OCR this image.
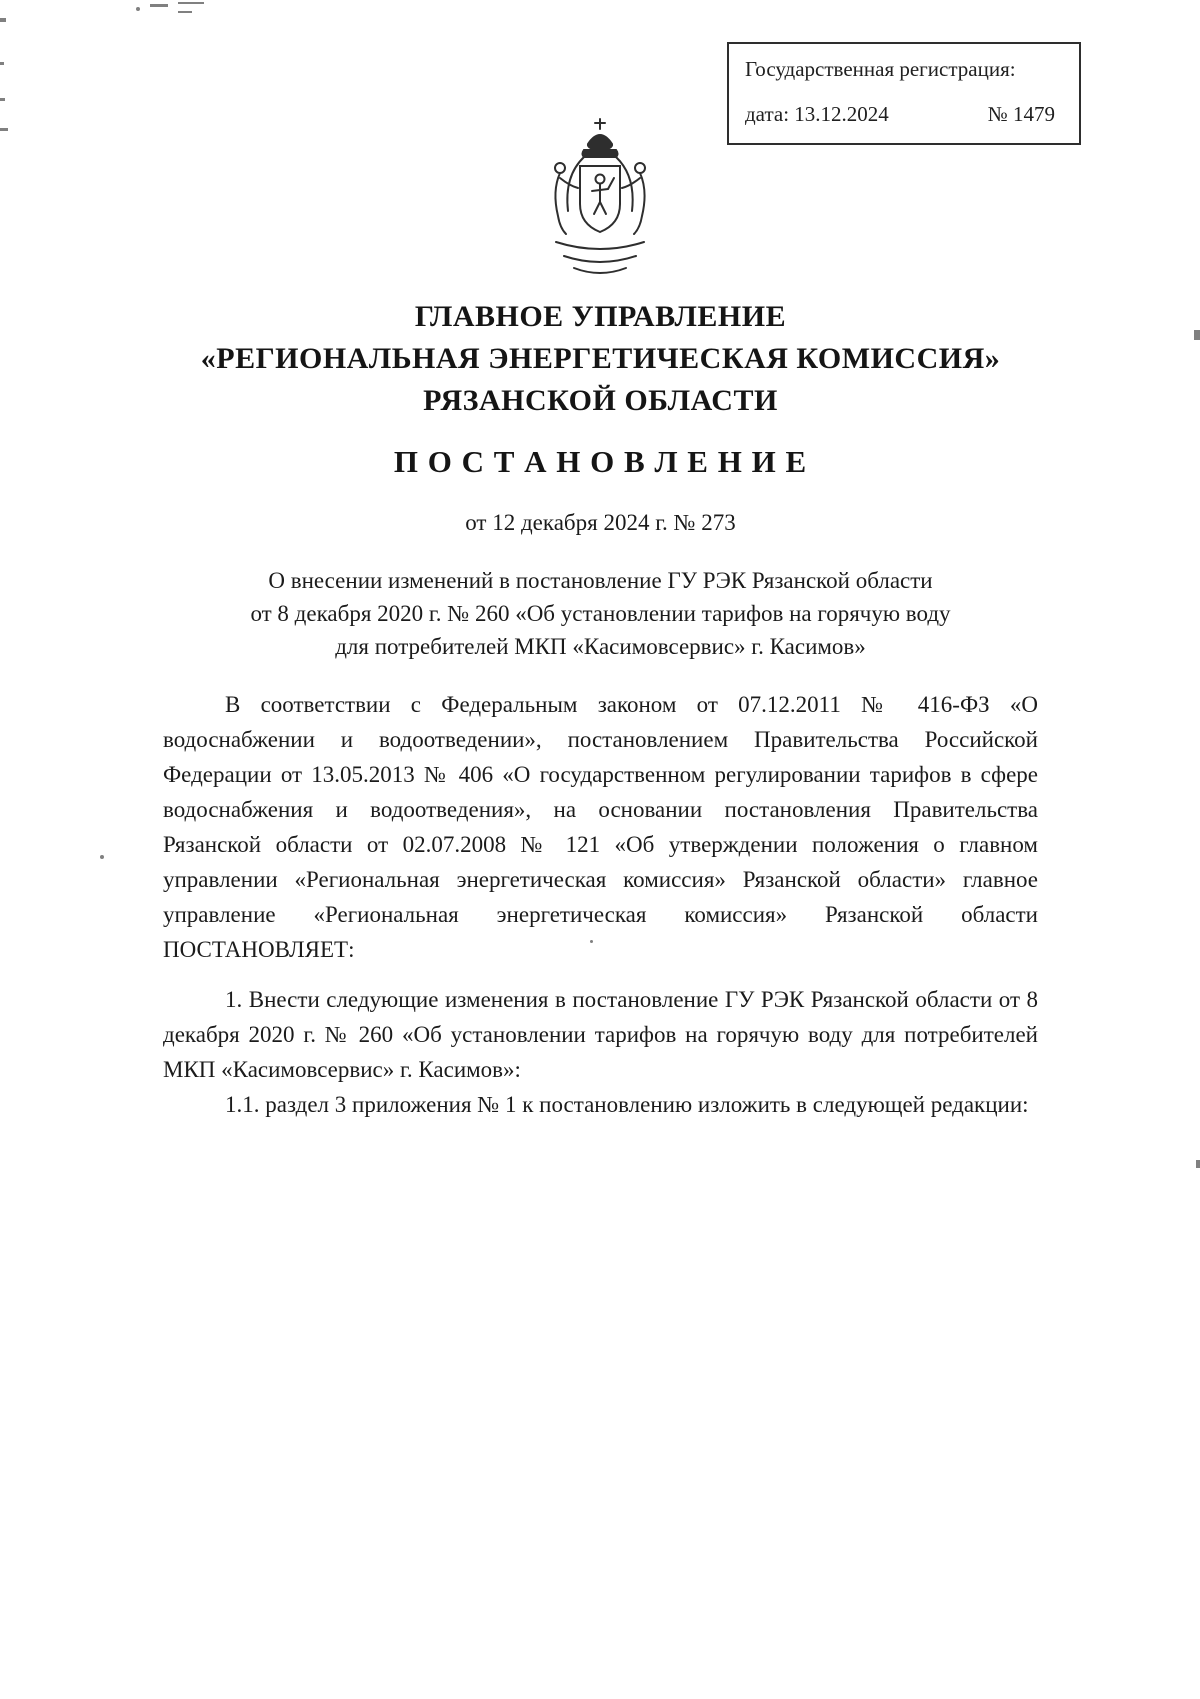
Государственная регистрация:
дата: 13.12.2024	№ 1479
ГЛАВНОЕ УПРАВЛЕНИЕ
«РЕГИОНАЛЬНАЯ ЭНЕРГЕТИЧЕСКАЯ КОМИССИЯ»
РЯЗАНСКОЙ ОБЛАСТИ
П О С Т А Н О В Л Е Н И Е
от 12 декабря 2024 г. № 273
О внесении изменений в постановление ГУ РЭК Рязанской области
от 8 декабря 2020 г. № 260 «Об установлении тарифов на горячую воду
для потребителей МКП «Касимовсервис» г. Касимов»

В соответствии с Федеральным законом от 07.12.2011 № 416-ФЗ «О водоснабжении и водоотведении», постановлением Правительства Российской Федерации от 13.05.2013 № 406 «О государственном регулировании тарифов в сфере водоснабжения и водоотведения», на основании постановления Правительства Рязанской области от 02.07.2008 № 121 «Об утверждении положения о главном управлении «Региональная энергетическая комиссия» Рязанской области» главное управление «Региональная энергетическая комиссия» Рязанской области ПОСТАНОВЛЯЕТ:

1. Внести следующие изменения в постановление ГУ РЭК Рязанской области от 8 декабря 2020 г. № 260 «Об установлении тарифов на горячую воду для потребителей МКП «Касимовсервис» г. Касимов»:

1.1. раздел 3 приложения № 1 к постановлению изложить в следующей редакции:
